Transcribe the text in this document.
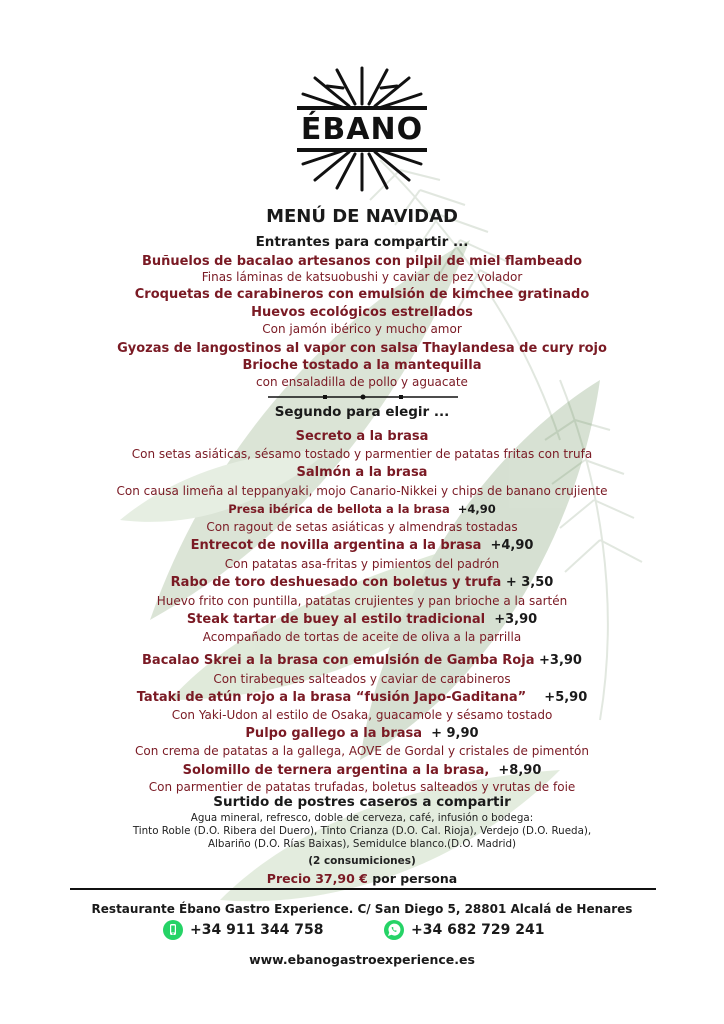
ÉBANO
MENÚ DE NAVIDAD
Entrantes para compartir ...
Buñuelos de bacalao artesanos con pilpil de miel flambeado
Finas láminas de katsuobushi y caviar de pez volador
Croquetas de carabineros con emulsión de kimchee gratinado
Huevos ecológicos estrellados
Con jamón ibérico y mucho amor
Gyozas de langostinos al vapor con salsa Thaylandesa de cury rojo
Brioche tostado a la mantequilla
con ensaladilla de pollo y aguacate
Segundo para elegir ...
Secreto a la brasa
Con setas asiáticas, sésamo tostado y parmentier de patatas fritas con trufa
Salmón a la brasa
Con causa limeña al teppanyaki, mojo Canario-Nikkei y chips de banano crujiente
Presa ibérica de bellota a la brasa +4,90
Con ragout de setas asiáticas y almendras tostadas
Entrecot de novilla argentina a la brasa +4,90
Con patatas asa-fritas y pimientos del padrón
Rabo de toro deshuesado con boletus y trufa + 3,50
Huevo frito con puntilla, patatas crujientes y pan brioche a la sartén
Steak tartar de buey al estilo tradicional +3,90
Acompañado de tortas de aceite de oliva a la parrilla
Bacalao Skrei a la brasa con emulsión de Gamba Roja +3,90
Con tirabeques salteados y caviar de carabineros
Tataki de atún rojo a la brasa “fusión Japo-Gaditana” +5,90
Con Yaki-Udon al estilo de Osaka, guacamole y sésamo tostado
Pulpo gallego a la brasa + 9,90
Con crema de patatas a la gallega, AOVE de Gordal y cristales de pimentón
Solomillo de ternera argentina a la brasa, +8,90
Con parmentier de patatas trufadas, boletus salteados y vrutas de foie
Surtido de postres caseros a compartir
Agua mineral, refresco, doble de cerveza, café, infusión o bodega:
Tinto Roble (D.O. Ribera del Duero), Tinto Crianza (D.O. Cal. Rioja), Verdejo (D.O. Rueda),
Albariño (D.O. Rías Baixas), Semidulce blanco.(D.O. Madrid)
(2 consumiciones)
Precio 37,90 € por persona
Restaurante Ébano Gastro Experience. C/ San Diego 5, 28801 Alcalá de Henares
www.ebanogastroexperience.es
+34 911 344 758	+34 682 729 241
